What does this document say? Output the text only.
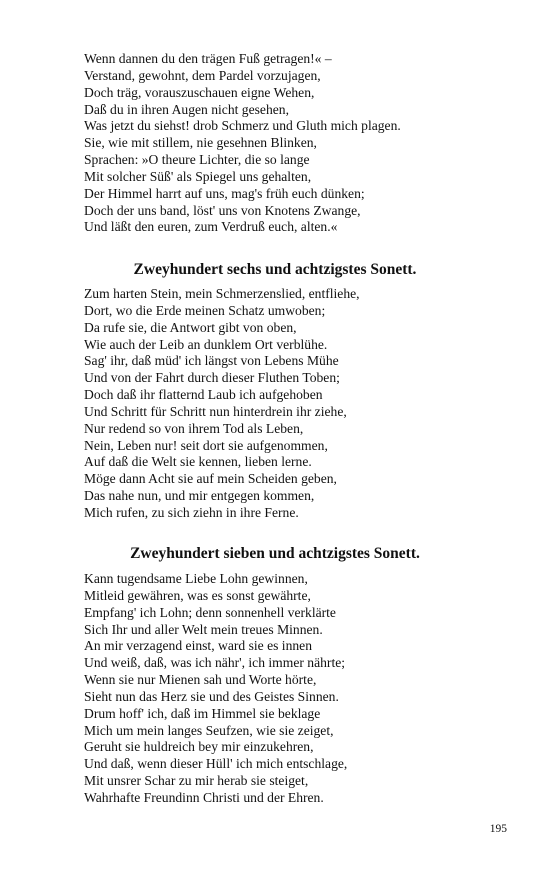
Wenn dannen du den trägen Fuß getragen!« –
Verstand, gewohnt, dem Pardel vorzujagen,
Doch träg, vorauszuschauen eigne Wehen,
Daß du in ihren Augen nicht gesehen,
Was jetzt du siehst! drob Schmerz und Gluth mich plagen.
Sie, wie mit stillem, nie gesehnen Blinken,
Sprachen: »O theure Lichter, die so lange
Mit solcher Süß' als Spiegel uns gehalten,
Der Himmel harrt auf uns, mag's früh euch dünken;
Doch der uns band, löst' uns von Knotens Zwange,
Und läßt den euren, zum Verdruß euch, alten.«
Zweyhundert sechs und achtzigstes Sonett.
Zum harten Stein, mein Schmerzenslied, entfliehe,
Dort, wo die Erde meinen Schatz umwoben;
Da rufe sie, die Antwort gibt von oben,
Wie auch der Leib an dunklem Ort verblühe.
Sag' ihr, daß müd' ich längst von Lebens Mühe
Und von der Fahrt durch dieser Fluthen Toben;
Doch daß ihr flatternd Laub ich aufgehoben
Und Schritt für Schritt nun hinterdrein ihr ziehe,
Nur redend so von ihrem Tod als Leben,
Nein, Leben nur! seit dort sie aufgenommen,
Auf daß die Welt sie kennen, lieben lerne.
Möge dann Acht sie auf mein Scheiden geben,
Das nahe nun, und mir entgegen kommen,
Mich rufen, zu sich ziehn in ihre Ferne.
Zweyhundert sieben und achtzigstes Sonett.
Kann tugendsame Liebe Lohn gewinnen,
Mitleid gewähren, was es sonst gewährte,
Empfang' ich Lohn; denn sonnenhell verklärte
Sich Ihr und aller Welt mein treues Minnen.
An mir verzagend einst, ward sie es innen
Und weiß, daß, was ich nähr', ich immer nährte;
Wenn sie nur Mienen sah und Worte hörte,
Sieht nun das Herz sie und des Geistes Sinnen.
Drum hoff' ich, daß im Himmel sie beklage
Mich um mein langes Seufzen, wie sie zeiget,
Geruht sie huldreich bey mir einzukehren,
Und daß, wenn dieser Hüll' ich mich entschlage,
Mit unsrer Schar zu mir herab sie steiget,
Wahrhafte Freundinn Christi und der Ehren.
195
